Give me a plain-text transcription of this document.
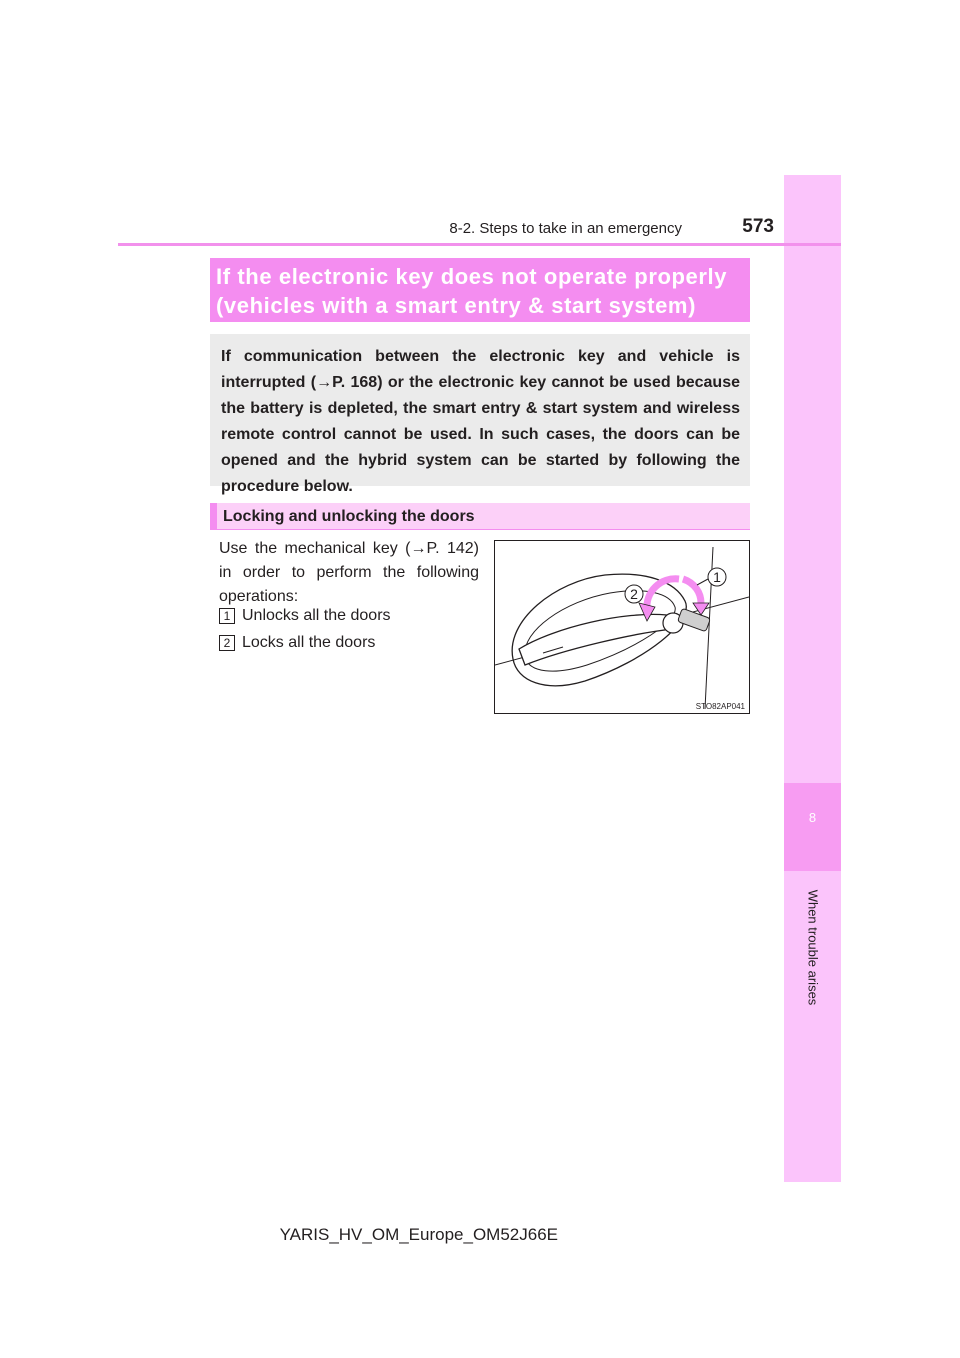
8
When trouble arises
8-2. Steps to take in an emergency	573
If the electronic key does not operate properly
(vehicles with a smart entry & start system)
If communication between the electronic key and vehicle is interrupted (→P. 168) or the electronic key cannot be used because the battery is depleted, the smart entry & start system and wireless remote control cannot be used. In such cases, the doors can be opened and the hybrid system can be started by following the procedure below.
Locking and unlocking the doors
Use the mechanical key (→P. 142) in order to perform the following operations:
1 Unlocks all the doors
2 Locks all the doors
1
2
STO82AP041
YARIS_HV_OM_Europe_OM52J66E
